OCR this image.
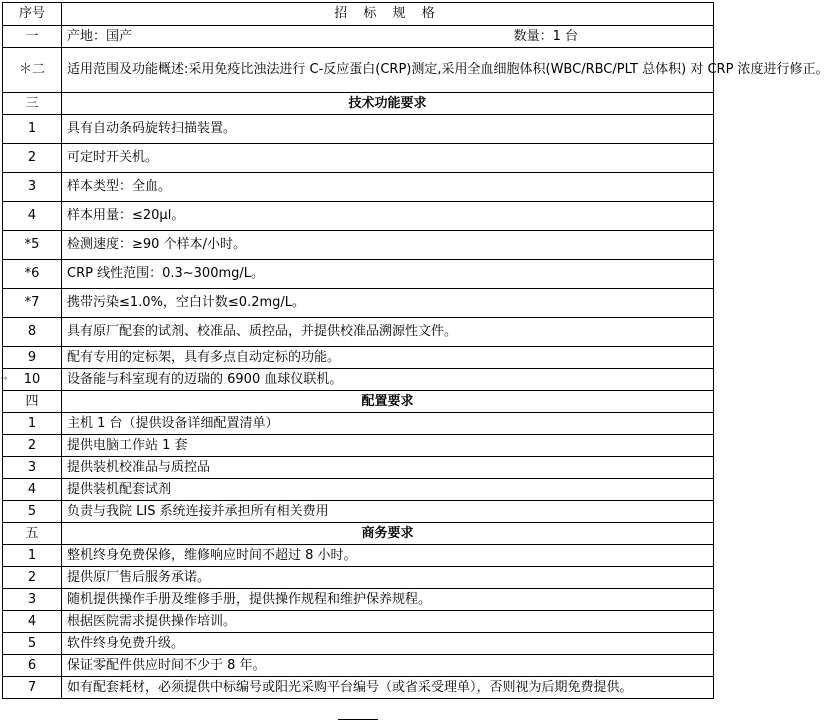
→
序号	招 标 规 格
一	产地：国产 数量：1 台

＊二	适用范围及功能概述:采用免疫比浊法进行 C-反应蛋白(CRP)测定,采用全血细胞体积(WBC/RBC/PLT 总体积) 对 CRP 浓度进行修正。
三	技术功能要求
1	具有自动条码旋转扫描装置。
2	可定时开关机。
3	样本类型：全血。
4	样本用量：≤20μl。
*5	检测速度：≥90 个样本/小时。
*6	CRP 线性范围：0.3~300mg/L。
*7	携带污染≤1.0%，空白计数≤0.2mg/L。
8	具有原厂配套的试剂、校准品、质控品，并提供校准品溯源性文件。
9	配有专用的定标架，具有多点自动定标的功能。
10	设备能与科室现有的迈瑞的 6900 血球仪联机。
四	配置要求
1	主机 1 台（提供设备详细配置清单）
2	提供电脑工作站 1 套
3	提供装机校准品与质控品
4	提供装机配套试剂
5	负责与我院 LIS 系统连接并承担所有相关费用
五	商务要求
1	整机终身免费保修，维修响应时间不超过 8 小时。
2	提供原厂售后服务承诺。
3	随机提供操作手册及维修手册，提供操作规程和维护保养规程。
4	根据医院需求提供操作培训。
5	软件终身免费升级。
6	保证零配件供应时间不少于 8 年。
7	如有配套耗材，必须提供中标编号或阳光采购平台编号（或省采受理单），否则视为后期免费提供。
